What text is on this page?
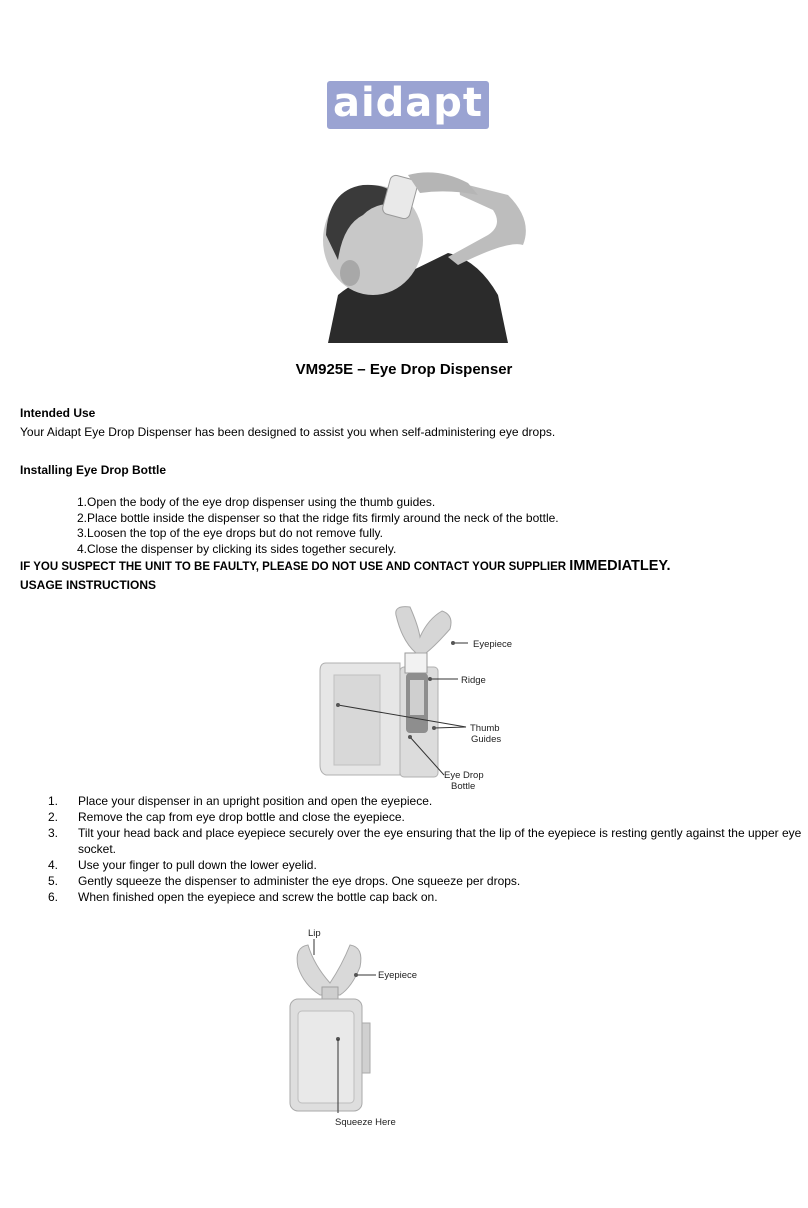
aidapt
VM925E – Eye Drop Dispenser
Intended Use
Your Aidapt Eye Drop Dispenser has been designed to assist you when self-administering eye drops.
Installing Eye Drop Bottle
1.Open the body of the eye drop dispenser using the thumb guides.
2.Place bottle inside the dispenser so that the ridge fits firmly around the neck of the bottle.
3.Loosen the top of the eye drops but do not remove fully.
4.Close the dispenser by clicking its sides together securely.
IF YOU SUSPECT THE UNIT TO BE FAULTY, PLEASE DO NOT USE AND CONTACT YOUR SUPPLIER IMMEDIATLEY.
USAGE INSTRUCTIONS
Eyepiece
Ridge
Thumb
Guides
Eye Drop
Bottle
1. Place your dispenser in an upright position and open the eyepiece.
2. Remove the cap from eye drop bottle and close the eyepiece.
3. Tilt your head back and place eyepiece securely over the eye ensuring that the lip of the eyepiece is resting gently against the upper eye
socket.
4. Use your finger to pull down the lower eyelid.
5. Gently squeeze the dispenser to administer the eye drops. One squeeze per drops.
6. When finished open the eyepiece and screw the bottle cap back on.
Lip
Eyepiece
Squeeze Here
